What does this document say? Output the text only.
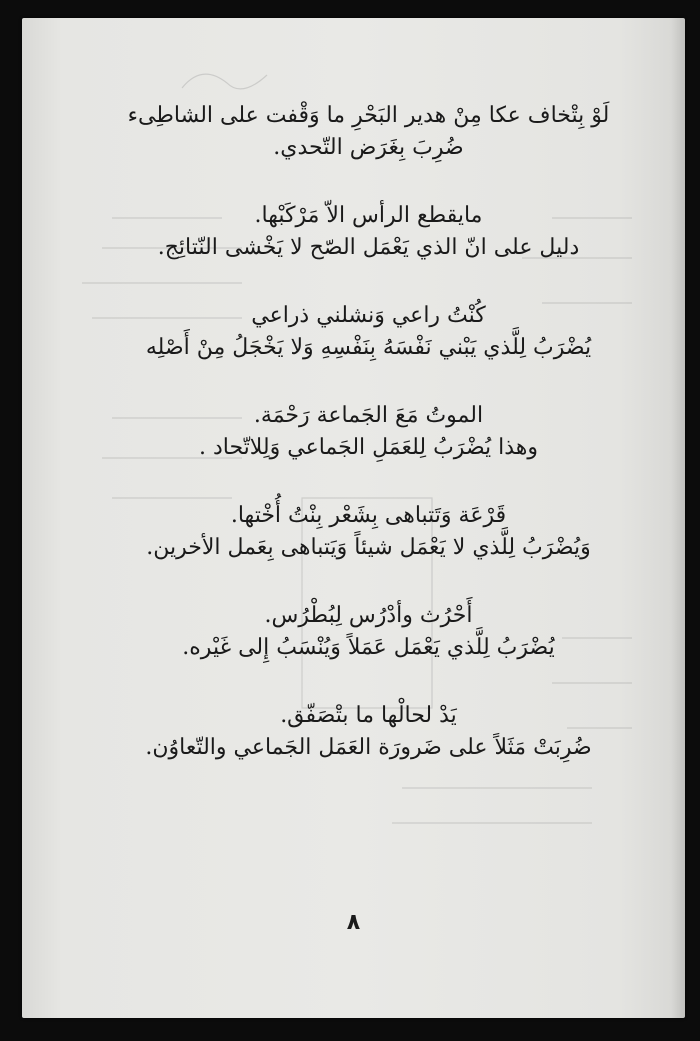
لَوْ بِتْخاف عكا مِنْ هدير البَحْرِ ما وَقْفت على الشاطِىء
ضُرِبَ بِغَرَض التّحدي.
مايقطع الرأس الاّ مَرْكَبْها.
دليل على انّ الذي يَعْمَل الصّح لا يَخْشى النّتائِج.
كُنْتُ راعي وَنشلني ذراعي
يُضْرَبُ لِلَّذي يَبْني نَفْسَهُ بِنَفْسِهِ وَلا يَخْجَلُ مِنْ أَصْلِه
الموتُ مَعَ الجَماعة رَحْمَة.
وهذا يُضْرَبُ لِلعَمَلِ الجَماعي وَلِلاتّحاد .
قَرْعَة وَتَتباهى بِشَعْر بِنْتُ أُخْتها.
وَيُضْرَبُ لِلَّذي لا يَعْمَل شيئاً وَيَتباهى بِعَمل الأخرين.
أَحْرُث وأدْرُس لِبُطْرُس.
يُضْرَبُ لِلَّذي يَعْمَل عَمَلاً وَيُنْسَبُ إِلى غَيْره.
يَدْ لحالْها ما بتْصَفّق.
ضُرِبَتْ مَثَلاً على ضَرورَة العَمَل الجَماعي والتّعاوُن.
٨
